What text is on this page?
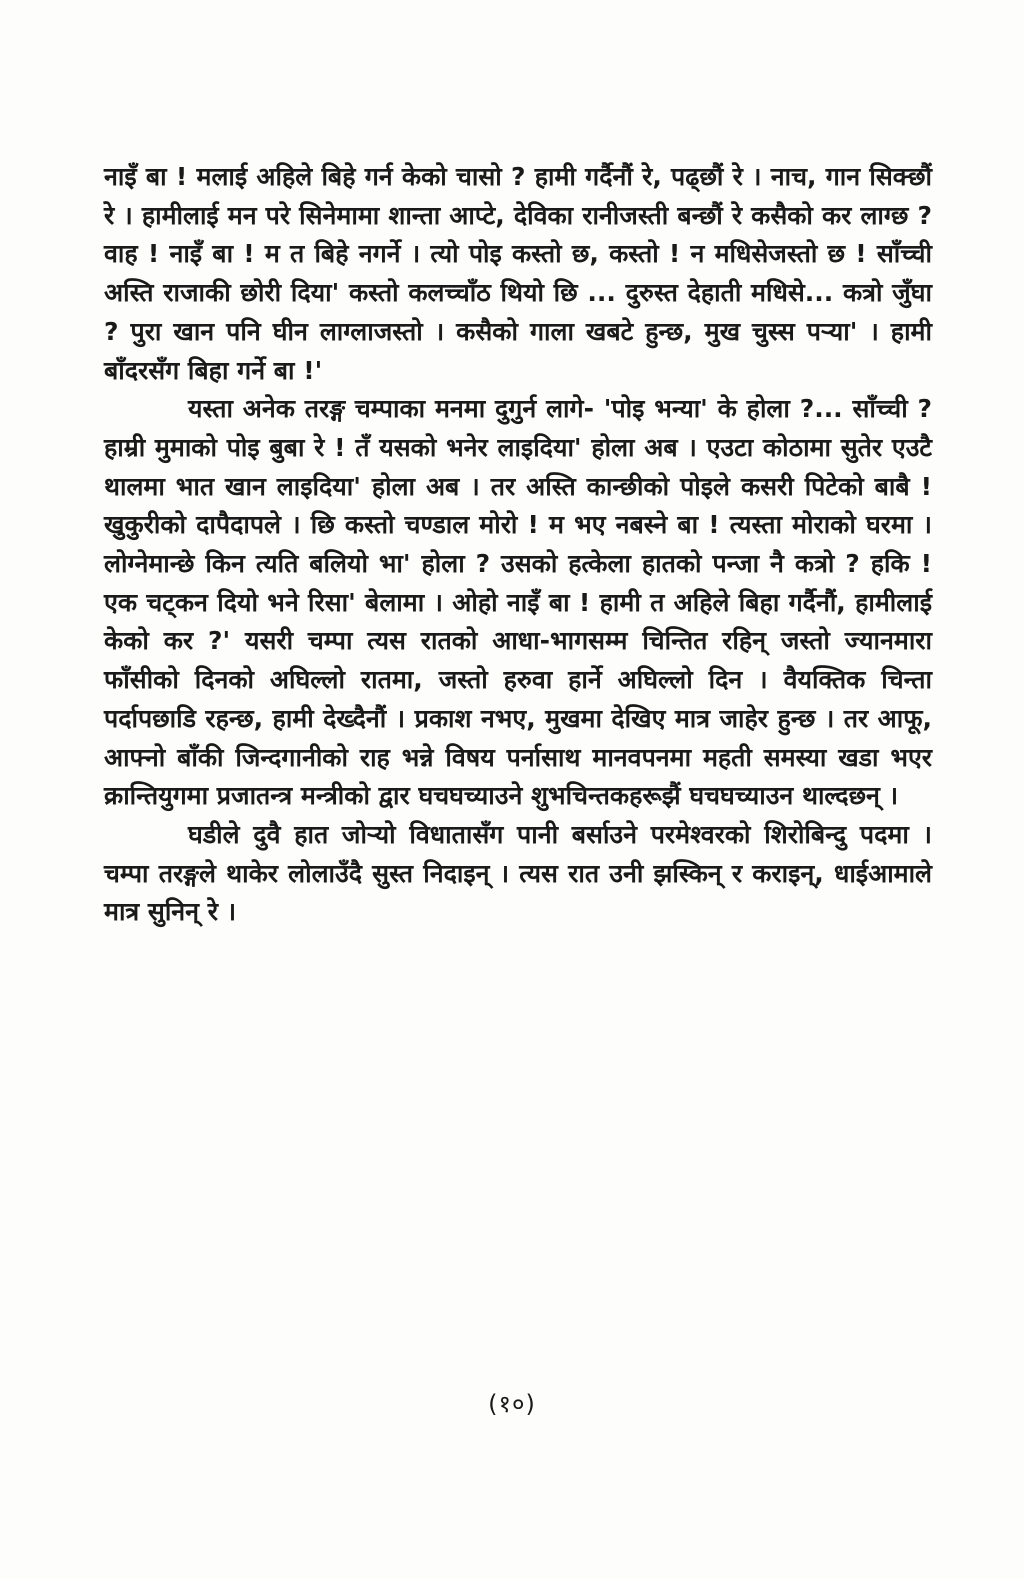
नाइँ बा ! मलाई अहिले बिहे गर्न केको चासो ? हामी गर्दैनौं रे, पढ्छौं रे । नाच, गान सिक्छौं रे । हामीलाई मन परे सिनेमामा शान्ता आप्टे, देविका रानीजस्ती बन्छौं रे कसैको कर लाग्छ ? वाह ! नाइँ बा ! म त बिहे नगर्ने । त्यो पोइ कस्तो छ, कस्तो ! न मधिसेजस्तो छ ! साँच्ची अस्ति राजाकी छोरी दिया' कस्तो कलच्चाँठ थियो छि ... दुरुस्त देहाती मधिसे... कत्रो जुँघा ? पुरा खान पनि घीन लाग्लाजस्तो । कसैको गाला खबटे हुन्छ, मुख चुस्स पऱ्या' । हामी बाँदरसँग बिहा गर्ने बा !'

यस्ता अनेक तरङ्ग चम्पाका मनमा दुगुर्न लागे- 'पोइ भन्या' के होला ?... साँच्ची ? हाम्री मुमाको पोइ बुबा रे ! तँ यसको भनेर लाइदिया' होला अब । एउटा कोठामा सुतेर एउटै थालमा भात खान लाइदिया' होला अब । तर अस्ति कान्छीको पोइले कसरी पिटेको बाबै ! खुकुरीको दापैदापले । छि कस्तो चण्डाल मोरो ! म भए नबस्ने बा ! त्यस्ता मोराको घरमा । लोग्नेमान्छे किन त्यति बलियो भा' होला ? उसको हत्केला हातको पन्जा नै कत्रो ? हकि ! एक चट्कन दियो भने रिसा' बेलामा । ओहो नाइँ बा ! हामी त अहिले बिहा गर्दैनौं, हामीलाई केको कर ?' यसरी चम्पा त्यस रातको आधा-भागसम्म चिन्तित रहिन् जस्तो ज्यानमारा फाँसीको दिनको अघिल्लो रातमा, जस्तो हरुवा हार्ने अघिल्लो दिन । वैयक्तिक चिन्ता पर्दापछाडि रहन्छ, हामी देख्दैनौं । प्रकाश नभए, मुखमा देखिए मात्र जाहेर हुन्छ । तर आफू, आफ्नो बाँकी जिन्दगानीको राह भन्ने विषय पर्नासाथ मानवपनमा महती समस्या खडा भएर क्रान्तियुगमा प्रजातन्त्र मन्त्रीको द्वार घचघच्याउने शुभचिन्तकहरूझैं घचघच्याउन थाल्दछन् ।

घडीले दुवै हात जोऱ्यो विधातासँग पानी बर्साउने परमेश्वरको शिरोबिन्दु पदमा । चम्पा तरङ्गले थाकेर लोलाउँदै सुस्त निदाइन् । त्यस रात उनी झस्किन् र कराइन्, धाईआमाले मात्र सुनिन् रे ।

(१०)
